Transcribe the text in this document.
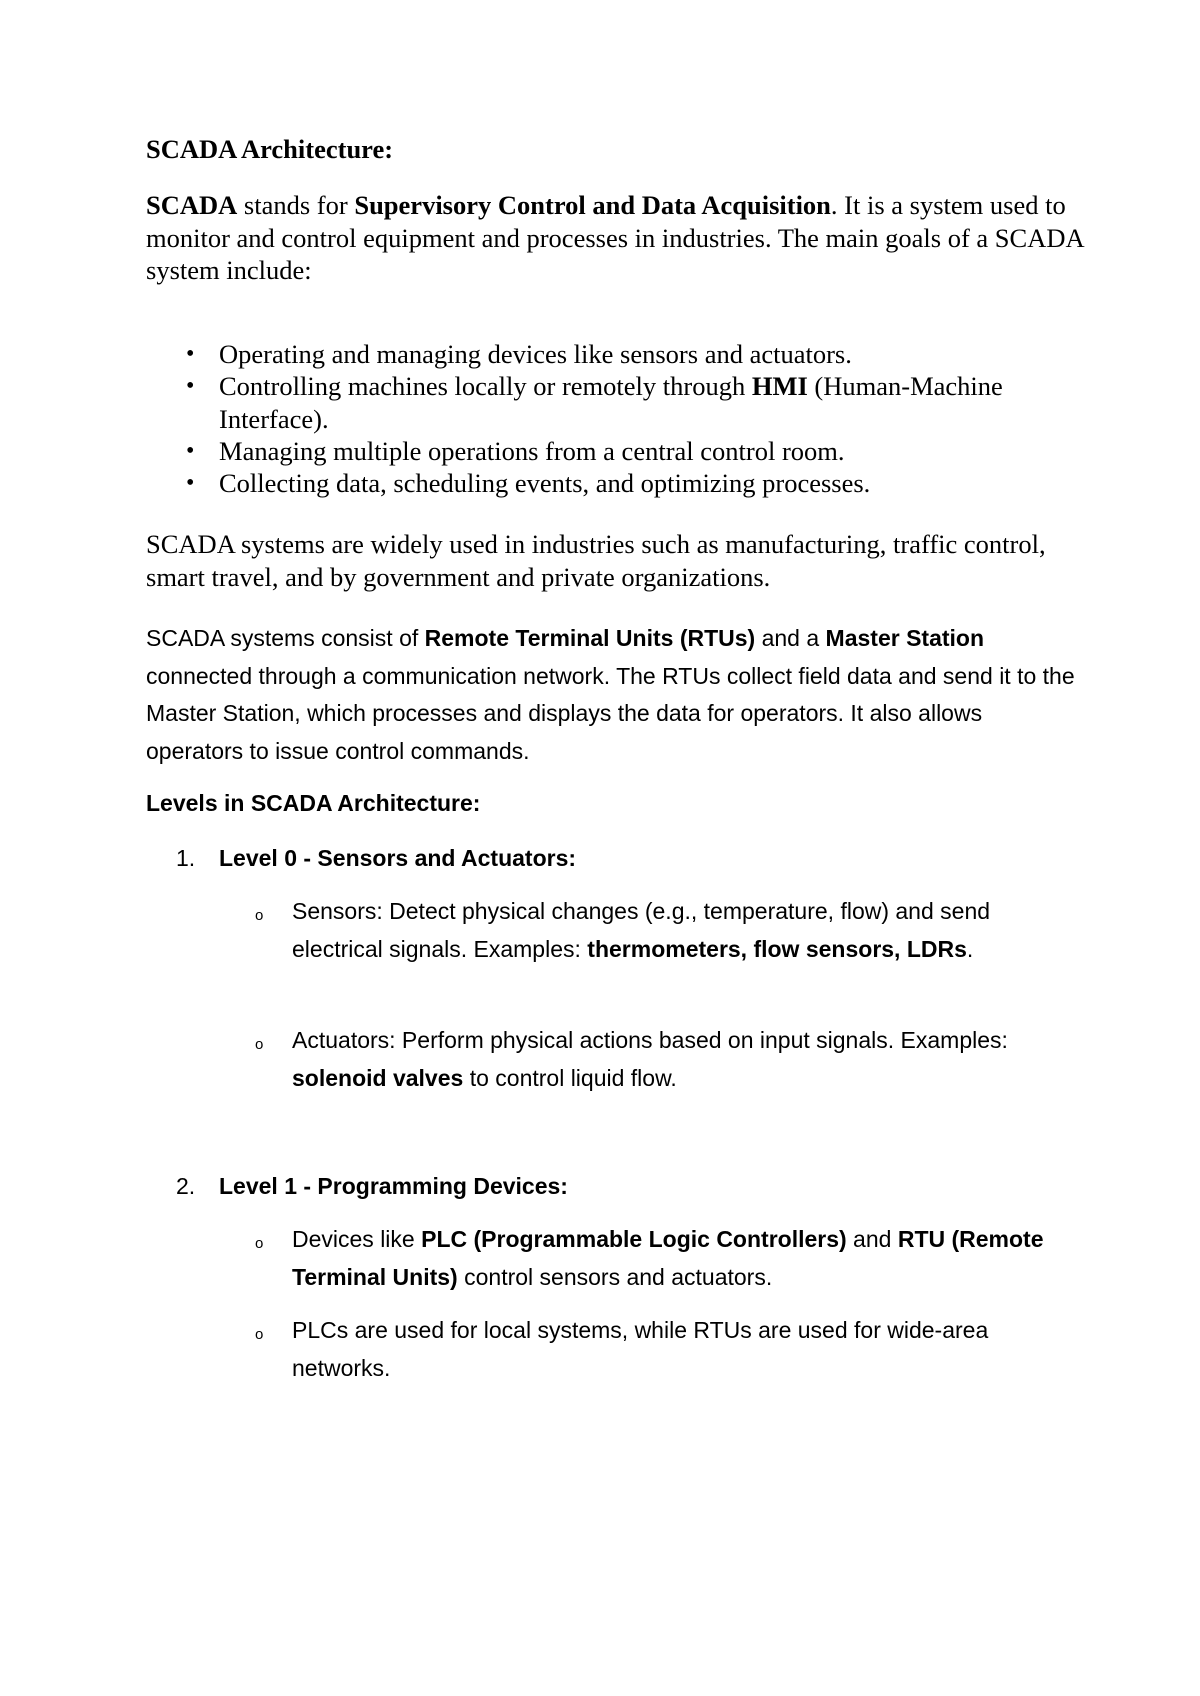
SCADA Architecture:

SCADA stands for Supervisory Control and Data Acquisition. It is a system used to monitor and control equipment and processes in industries. The main goals of a SCADA system include:

• Operating and managing devices like sensors and actuators.

• Controlling machines locally or remotely through HMI (Human-Machine Interface).

• Managing multiple operations from a central control room.

• Collecting data, scheduling events, and optimizing processes.

SCADA systems are widely used in industries such as manufacturing, traffic control, smart travel, and by government and private organizations.

SCADA systems consist of Remote Terminal Units (RTUs) and a Master Station connected through a communication network. The RTUs collect field data and send it to the Master Station, which processes and displays the data for operators. It also allows operators to issue control commands.

Levels in SCADA Architecture:

1.	Level 0 - Sensors and Actuators:

o	Sensors: Detect physical changes (e.g., temperature, flow) and send electrical signals. Examples: thermometers, flow sensors, LDRs.

o	Actuators: Perform physical actions based on input signals. Examples: solenoid valves to control liquid flow.

2.	Level 1 - Programming Devices:

o	Devices like PLC (Programmable Logic Controllers) and RTU (Remote Terminal Units) control sensors and actuators.

o	PLCs are used for local systems, while RTUs are used for wide-area networks.
